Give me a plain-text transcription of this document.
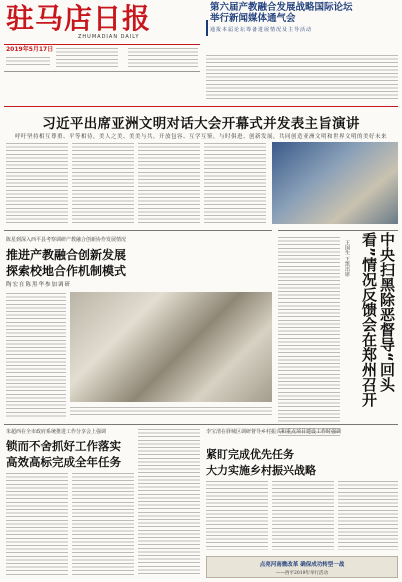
驻马店日报
ZHUMADIAN DAILY
2019年5月17日
第六届产教融合发展战略国际论坛
举行新闻媒体通气会
通报本届论坛筹备进展情况及主导活动
习近平出席亚洲文明对话大会开幕式并发表主旨演讲
呼吁坚持相互尊重、平等相待，美人之美、美美与共，开放包容、互学互鉴，与时俱进、创新发展，共同创造亚洲文明和世界文明的美好未来
陈星到深入西平县考察调研产教融合创新协作发展情况
推进产教融合创新发展
探索校地合作机制模式
陶宏在陈黑华参加调研	中央扫黑除恶督导“回头看”情况反馈会在郑州召开
王国生 王凯出席
朱超西在全市政府系统推进工作分享会上强调
锁而不舍抓好工作落实
高效高标完成全年任务
李宝清在驿城区调研督导乡村振兴和重点项目建设工作时强调
紧盯完成优先任务
大力实施乡村振兴战略
点亮河南微改革 确保成功转型一战
——西平2019年举行活动
